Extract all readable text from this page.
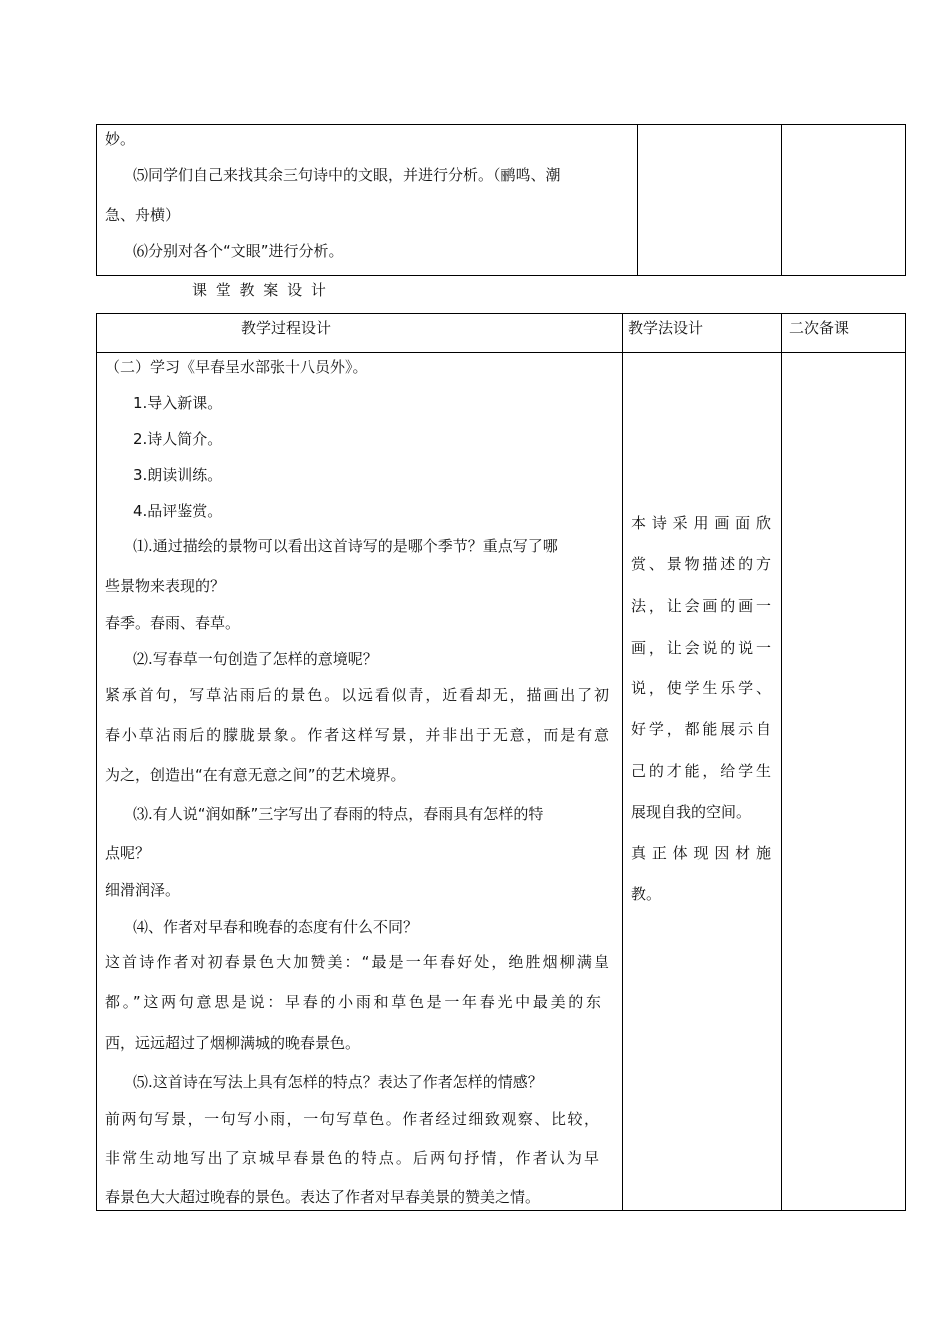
妙。
⑸同学们自己来找其余三句诗中的文眼，并进行分析。（鹂鸣、潮
急、舟横）
⑹分别对各个“文眼”进行分析。
课 堂 教 案 设 计
教学过程设计	教学法设计	二次备课
（二）学习《早春呈水部张十八员外》。
1.导入新课。
2.诗人简介。
3.朗读训练。
4.品评鉴赏。
⑴.通过描绘的景物可以看出这首诗写的是哪个季节？重点写了哪
些景物来表现的？
春季。春雨、春草。
⑵.写春草一句创造了怎样的意境呢？
紧承首句，写草沾雨后的景色。以远看似青，近看却无，描画出了初
春小草沾雨后的朦胧景象。作者这样写景，并非出于无意，而是有意
为之，创造出“在有意无意之间”的艺术境界。
⑶.有人说“润如酥”三字写出了春雨的特点，春雨具有怎样的特
点呢？
细滑润泽。
⑷、作者对早春和晚春的态度有什么不同？
这首诗作者对初春景色大加赞美：“最是一年春好处，绝胜烟柳满皇
都。”这两句意思是说：早春的小雨和草色是一年春光中最美的东
西，远远超过了烟柳满城的晚春景色。
⑸.这首诗在写法上具有怎样的特点？表达了作者怎样的情感？
前两句写景，一句写小雨，一句写草色。作者经过细致观察、比较，
非常生动地写出了京城早春景色的特点。后两句抒情，作者认为早
春景色大大超过晚春的景色。表达了作者对早春美景的赞美之情。
本诗采用画面欣
赏、景物描述的方
法，让会画的画一
画，让会说的说一
说，使学生乐学、
好学，都能展示自
己的才能，给学生
展现自我的空间。
真正体现因材施
教。
